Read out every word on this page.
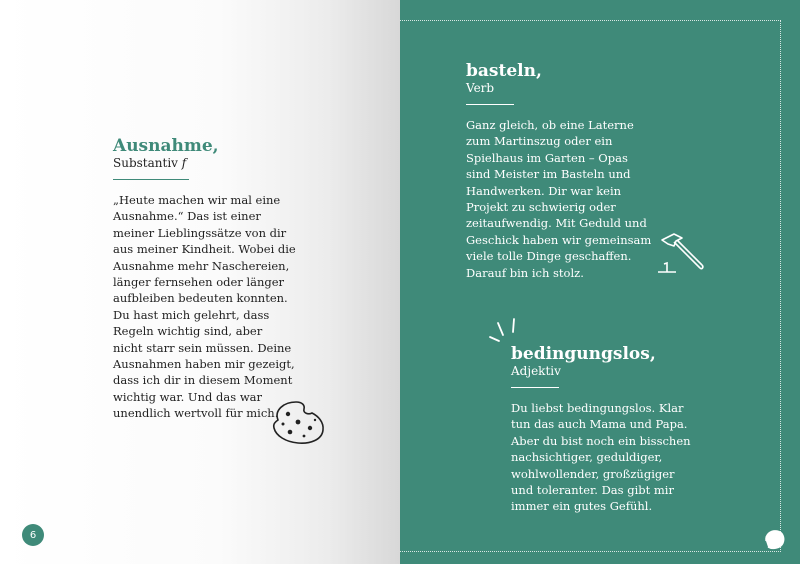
Ausnahme,
Substantiv f
„Heute machen wir mal eine
Ausnahme.“ Das ist einer
meiner Lieblingssätze von dir
aus meiner Kindheit. Wobei die
Ausnahme mehr Naschereien,
länger fernsehen oder länger
aufbleiben bedeuten konnten.
Du hast mich gelehrt, dass
Regeln wichtig sind, aber
nicht starr sein müssen. Deine
Ausnahmen haben mir gezeigt,
dass ich dir in diesem Moment
wichtig war. Und das war
unendlich wertvoll für mich.
6
basteln,
Verb
Ganz gleich, ob eine Laterne
zum Martinszug oder ein
Spielhaus im Garten – Opas
sind Meister im Basteln und
Handwerken. Dir war kein
Projekt zu schwierig oder
zeitaufwendig. Mit Geduld und
Geschick haben wir gemeinsam
viele tolle Dinge geschaffen.
Darauf bin ich stolz.
bedingungslos,
Adjektiv
Du liebst bedingungslos. Klar
tun das auch Mama und Papa.
Aber du bist noch ein bisschen
nachsichtiger, geduldiger,
wohlwollender, großzügiger
und toleranter. Das gibt mir
immer ein gutes Gefühl.
